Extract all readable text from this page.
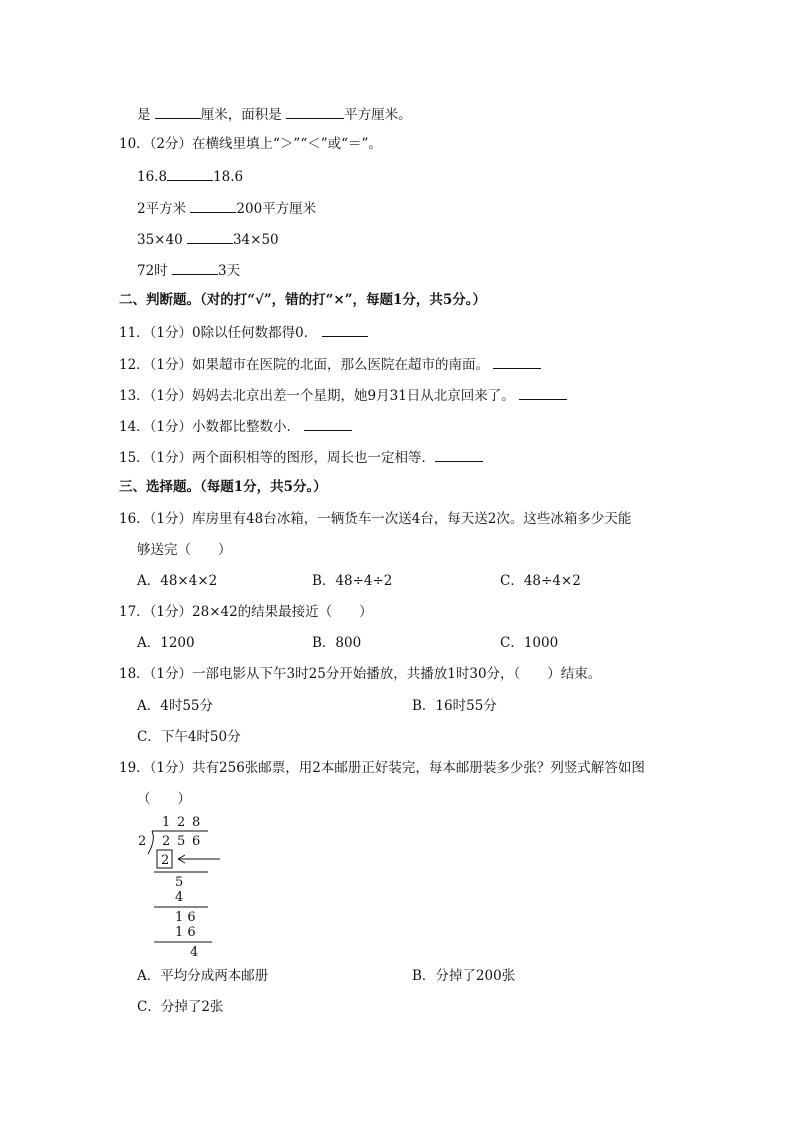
是	厘米，面积是	平方厘米。
10．（2分）在横线里填上“＞”“＜”或“＝”。
16.8	18.6
2平方米	200平方厘米
35×40	34×50
72时	3天
二、判断题。（对的打“√”，错的打“×”，每题1分，共5分。）
11．（1分）0除以任何数都得0．
12．（1分）如果超市在医院的北面，那么医院在超市的南面。
13．（1分）妈妈去北京出差一个星期，她9月31日从北京回来了。
14．（1分）小数都比整数小．
15．（1分）两个面积相等的图形，周长也一定相等．
三、选择题。（每题1分，共5分。）
16．（1分）库房里有48台冰箱，一辆货车一次送4台，每天送2次。这些冰箱多少天能
够送完（　　）
A．48×4×2	B．48÷4÷2	C．48÷4×2
17．（1分）28×42的结果最接近（　　）
A．1200	B．800	C．1000
18．（1分）一部电影从下午3时25分开始播放，共播放1时30分，（　　）结束。
A．4时55分	B．16时55分
C．下午4时50分
19．（1分）共有256张邮票，用2本邮册正好装完，每本邮册装多少张？列竖式解答如图
（　　）
1 2 8
2 2 5 6
2
5
4
1 6
1 6
4
A．平均分成两本邮册	B．分掉了200张
C．分掉了2张
